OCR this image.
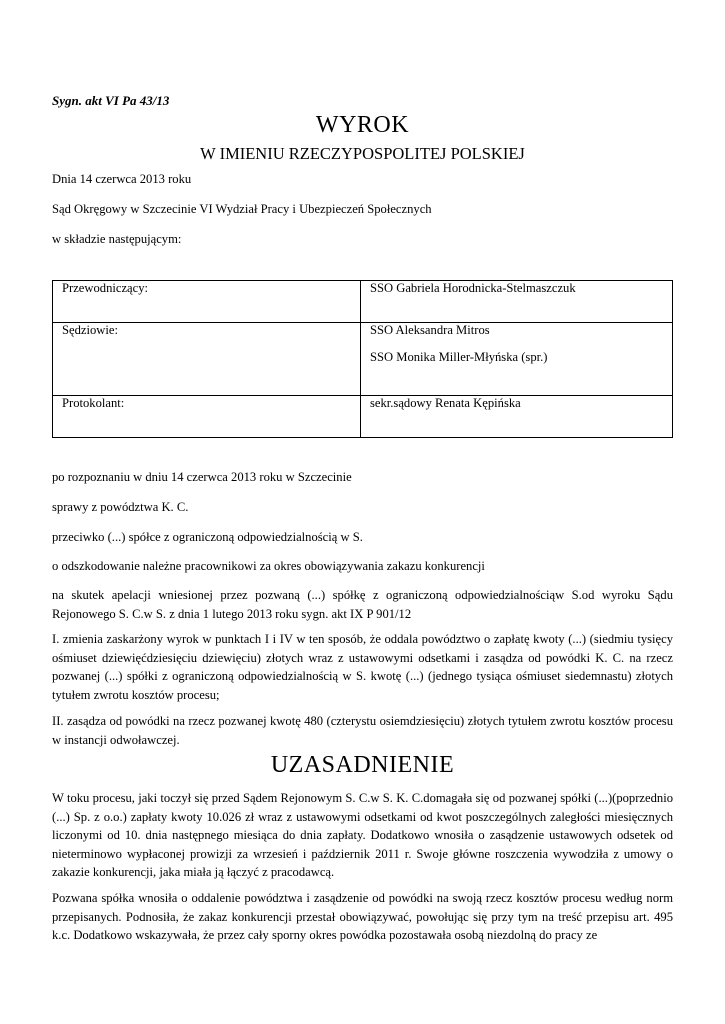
Sygn. akt VI Pa 43/13

WYROK

W IMIENIU RZECZYPOSPOLITEJ POLSKIEJ

Dnia 14 czerwca 2013 roku

Sąd Okręgowy w Szczecinie VI Wydział Pracy i Ubezpieczeń Społecznych

w składzie następującym:

Przewodniczący:	SSO Gabriela Horodnicka-Stelmaszczuk
Sędziowie:	SSO Aleksandra Mitros
SSO Monika Miller-Młyńska (spr.)

Protokolant:	sekr.sądowy Renata Kępińska

po rozpoznaniu w dniu 14 czerwca 2013 roku w Szczecinie

sprawy z powództwa K. C.

przeciwko (...) spółce z ograniczoną odpowiedzialnością w S.

o odszkodowanie należne pracownikowi za okres obowiązywania zakazu konkurencji

na skutek apelacji wniesionej przez pozwaną (...) spółkę z ograniczoną odpowiedzialnościąw S.od wyroku Sądu Rejonowego S. C.w S. z dnia 1 lutego 2013 roku sygn. akt IX P 901/12

I. zmienia zaskarżony wyrok w punktach I i IV w ten sposób, że oddala powództwo o zapłatę kwoty (...) (siedmiu tysięcy ośmiuset dziewięćdziesięciu dziewięciu) złotych wraz z ustawowymi odsetkami i zasądza od powódki K. C. na rzecz pozwanej (...) spółki z ograniczoną odpowiedzialnością w S. kwotę (...) (jednego tysiąca ośmiuset siedemnastu) złotych tytułem zwrotu kosztów procesu;

II. zasądza od powódki na rzecz pozwanej kwotę 480 (czterystu osiemdziesięciu) złotych tytułem zwrotu kosztów procesu w instancji odwoławczej.

UZASADNIENIE

W toku procesu, jaki toczył się przed Sądem Rejonowym S. C.w S. K. C.domagała się od pozwanej spółki (...)(poprzednio (...) Sp. z o.o.) zapłaty kwoty 10.026 zł wraz z ustawowymi odsetkami od kwot poszczególnych zaległości miesięcznych liczonymi od 10. dnia następnego miesiąca do dnia zapłaty. Dodatkowo wnosiła o zasądzenie ustawowych odsetek od nieterminowo wypłaconej prowizji za wrzesień i październik 2011 r. Swoje główne roszczenia wywodziła z umowy o zakazie konkurencji, jaka miała ją łączyć z pracodawcą.

Pozwana spółka wnosiła o oddalenie powództwa i zasądzenie od powódki na swoją rzecz kosztów procesu według norm przepisanych. Podnosiła, że zakaz konkurencji przestał obowiązywać, powołując się przy tym na treść przepisu art. 495 k.c. Dodatkowo wskazywała, że przez cały sporny okres powódka pozostawała osobą niezdolną do pracy ze
